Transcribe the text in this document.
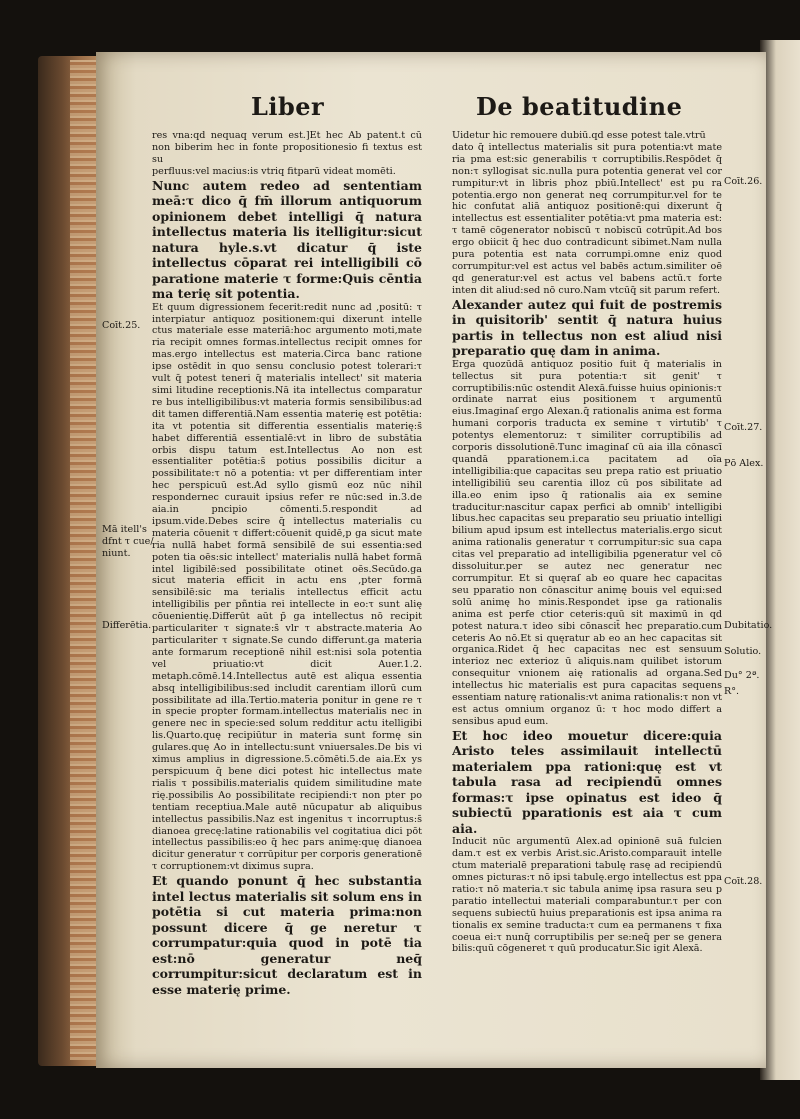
Liber	De beatitudine

res vna:qd nequaq verum est.]Et hec Ab̄ patent.t cū non biberim hec in fonte propositionesio fi textus est su

perfluus:vel macius:is vtriq fitparū videat momēti.

Nunc autem redeo ad sententiam meā:τ dico q̄ fm̄ illorum antiquorum opinionem debet intelligi q̄ natura intellectus materia lis itelligitur:sicut natura hyle.s.vt dicatur q̄ iste intellectus cōparat rei intelligibili cō paratione materie τ forme:Quis cēntia ma terię sit potentia.

Et quum digressionem fecerit:redit nunc ad ,positū: τ interpiatur antiquoz positionem:qui dixerunt intelle ctus materiale esse materiā:hoc argumento moti,mate ria recipit omnes formas.intellectus recipit omnes for mas.ergo intellectus est materia.Circa banc ratione ipse ostēdit in quo sensu conclusio potest tolerari:τ vult q̄ potest teneri q̄ materialis intellect' sit materia simi litudine receptionis.Nā ita intellectus comparatur re bus intelligibilibus:vt materia formis sensibilibus:ad dit tamen differentiā.Nam essentia materię est potētia: ita vt potentia sit differentia essentialis materię:s̄ habet differentiā essentialē:vt in libro de substātia orbis dispu tatum est.Intellectus Ao non est essentialiter potētia:s̄ potius possibilis dicitur a possibilitate:τ nō a potentia: vt per differentiam inter hec perspicuū est.Ad syllo gismū eoz nūc nihil respondernec curauit ipsius refer re nūc:sed in.3.de aia.in pncipio cōmenti.5.respondit ad ipsum.vide.Debes scire q̄ intellectus materialis cu materia cōuenit τ differt:cōuenit quidē,p ga sicut mate ria nullā habet formā sensibilē de sui essentia:sed poten tia oēs:sic intellect' materialis nullā habet formā intel ligibilē:sed possibilitate otinet oēs.Secūdo.ga sicut materia efficit in actu ens ,pter formā sensibilē:sic ma terialis intellectus efficit actu intelligibilis per pñntia rei intellecte in eo:τ sunt alię cōuenientię.Differūt aūt p̄ ga intellectus nō recipit particulariter τ signate:s̄ vlr τ abstracte.materia Ao particulariter τ signate.Se cundo differunt.ga materia ante formarum receptionē nihil est:nisi sola potentia vel priuatio:vt dicit Auer.1.2. metaph.cōmē.14.Intellectus autē est aliqua essentia absq intelligibilibus:sed includit carentiam illorū cum possibilitate ad illa.Tertio.materia ponitur in gene re τ in specie propter formam.intellectus materialis nec in genere nec in specie:sed solum redditur actu itelligibi lis.Quarto.quę recipiūtur in materia sunt formę sin gulares.quę Ao in intellectu:sunt vniuersales.De bis vi ximus amplius in digressione.5.cōmēti.5.de aia.Ex ys perspicuum q̄ bene dici potest hic intellectus mate rialis τ possibilis.materialis quidem similitudine mate rię.possibilis Ao possibilitate recipiendi:τ non pter po tentiam receptiua.Male autē nūcupatur ab aliquibus intellectus passibilis.Naz est ingenitus τ incorruptus:s̄ dianoea grecę:latine rationabilis vel cogitatiua dici pōt intellectus passibilis:eo q̄ hec pars animę:quę dianoea dicitur generatur τ corrūpitur per corporis generationē τ corruptionem:vt diximus supra.

Et quando ponunt q̄ hec substantia intel lectus materialis sit solum ens in potētia si cut materia prima:non possunt dicere q̄ ge neretur τ corrumpatur:quia quod in potē tia est:nō generatur neq̄ corrumpitur:sicut declaratum est in esse materię prime.

Uidetur hic remouere dubiū.qd esse potest tale.vtrū

dato q̄ intellectus materialis sit pura potentia:vt mate ria pma est:sic generabilis τ corruptibilis.Respōdet q̄ non:τ syllogisat sic.nulla pura potentia generat vel cor rumpitur:vt in libris phoz pbiū.Intellect' est pu ra potentia.ergo non generat neq corrumpitur.vel for te hic confutat aliā antiquoz positionē:qui dixerunt q̄ intellectus est essentialiter potētia:vt pma materia est: τ tamē cōgenerator nobiscū τ nobiscū cotrūpit.Ad bos ergo obiicit q̄ hec duo contradicunt sibimet.Nam nulla pura potentia est nata corrumpi.omne eniz quod corrumpitur:vel est actus vel babēs actum.similiter oē qd generatur:vel est actus vel babens actū.τ forte inten dit aliud:sed nō curo.Nam vtcūq̄ sit parum refert.

Alexander autez qui fuit de postremis in quisitorib' sentit q̄ natura huius partis in tellectus non est aliud nisi preparatio quę dam in anima.

Erga quozūdā antiquoz positio fuit q̄ materialis in tellectus sit pura potentia:τ sit genit' τ corruptibilis:nūc ostendit Alexā.fuisse huius opinionis:τ ordinate narrat eius positionem τ argumentū eius.Imaginaſ ergo Alexan.q̄ rationalis anima est forma humani corporis traducta ex semine τ virtutib' τ potentys elementoruz: τ similiter corruptibilis ad corporis dissolutionē.Tunc imaginaſ cū aia illa cōnascī quandā pparationem.i.ca pacitatem ad oīa intelligibilia:que capacitas seu prepa ratio est priuatio intelligibiliū seu carentia illoz cū pos sibilitate ad illa.eo enim ipso q̄ rationalis aia ex semine traducitur:nascitur capax perfici ab omnib' intelligibi libus.hec capacitas seu preparatio seu priuatio intelligi bilium apud ipsum est intellectus materialis.ergo sicut anima rationalis generatur τ corrumpitur:sic sua capa citas vel preparatio ad intelligibilia pgeneratur vel cō dissoluitur.per se autez nec generatur nec corrumpitur. Et si quęraſ ab eo quare hec capacitas seu pparatio non cōnascitur animę bouis vel equi:sed solū animę ho minis.Respondet ipse ga rationalis anima est perfe ctior ceteris:quū sit maximū in qd potest natura.τ ideo sibi cōnascit̄ hec preparatio.cum ceteris Ao nō.Et si quęratur ab eo an hec capacitas sit organica.Ridet q̄ hec capacitas nec est sensuum interioz nec exterioz ū aliquis.nam quilibet istorum consequitur vnionem aię rationalis ad organa.Sed intellectus hic materialis est pura capacitas sequens essentiam naturę rationalis:vt anima rationalis:τ non vt est actus omnium organoz ū: τ hoc modo differt a sensibus apud eum.

Et hoc ideo mouetur dicere:quia Aristo teles assimilauit intellectū materialem ppa rationi:quę est vt tabula rasa ad recipiendū omnes formas:τ ipse opinatus est ideo q̄ subiectū pparationis est aia τ cum aia.

Inducit nūc argumentū Alex.ad opinionē suā fulcien dam.τ est ex verbis Arist.sic.Aristo.comparauit intelle ctum materialē preparationi tabulę rasę ad recipiendū omnes picturas:τ nō ipsi tabulę.ergo intellectus est ppa ratio:τ nō materia.τ sic tabula animę ipsa rasura seu p paratio intellectui materiali comparabuntur.τ per con sequens subiectū huius preparationis est ipsa anima ra tionalis ex semine traducta:τ cum ea permanens τ fixa coeua ei:τ nunq̄ corruptibilis per se:neq̄ per se genera bilis:quū cōgeneret τ quū producatur.Sic igit Alexā.

Coīt.25.
Mā itell's
dfnt τ cue/
niunt.
Differētia.
Coīt.26.
Coīt.27.
Pō Alex.
Dubitatio.
Solutio.
Du° 2ª.
R°.
Coīt.28.
